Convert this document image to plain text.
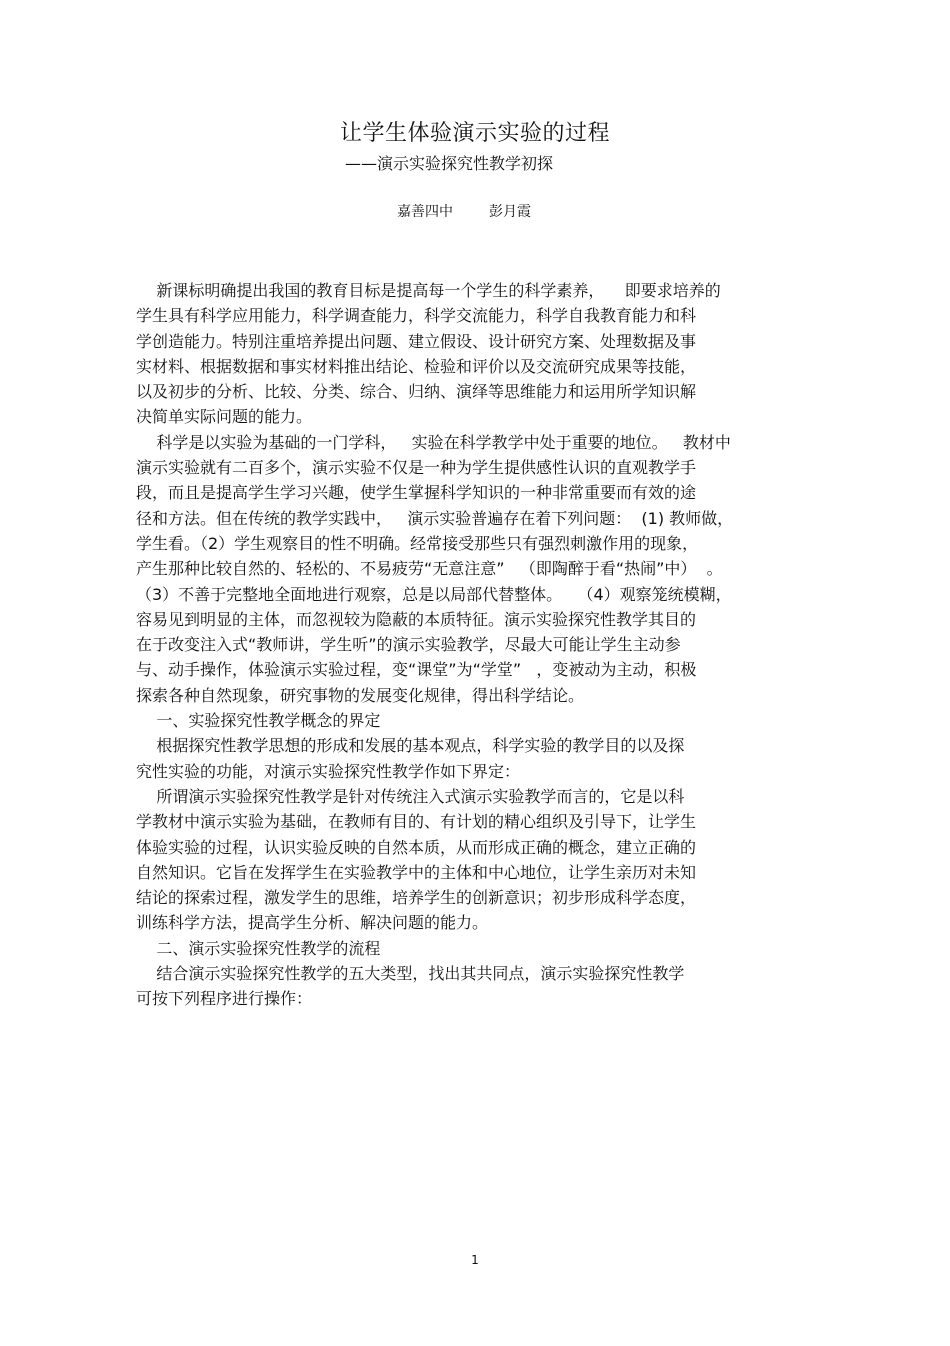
让学生体验演示实验的过程
——演示实验探究性教学初探
嘉善四中	彭月霞
新课标明确提出我国的教育目标是提高每一个学生的科学素养，    即要求培养的
学生具有科学应用能力，科学调查能力，科学交流能力，科学自我教育能力和科
学创造能力。特别注重培养提出问题、建立假设、设计研究方案、处理数据及事
实材料、根据数据和事实材料推出结论、检验和评价以及交流研究成果等技能，
以及初步的分析、比较、分类、综合、归纳、演绎等思维能力和运用所学知识解
决简单实际问题的能力。
科学是以实验为基础的一门学科，   实验在科学教学中处于重要的地位。   教材中
演示实验就有二百多个，演示实验不仅是一种为学生提供感性认识的直观教学手
段，而且是提高学生学习兴趣，使学生掌握科学知识的一种非常重要而有效的途
径和方法。但在传统的教学实践中，   演示实验普遍存在着下列问题：  (1) 教师做，
学生看。（2）学生观察目的性不明确。经常接受那些只有强烈刺激作用的现象，
产生那种比较自然的、轻松的、不易疲劳“无意注意”   （即陶醉于看“热闹”中）  。
（3）不善于完整地全面地进行观察，总是以局部代替整体。   （4）观察笼统模糊，
容易见到明显的主体，而忽视较为隐蔽的本质特征。演示实验探究性教学其目的
在于改变注入式“教师讲，学生听”的演示实验教学，尽最大可能让学生主动参
与、动手操作，体验演示实验过程，变“课堂”为“学堂”   ，变被动为主动，积极
探索各种自然现象，研究事物的发展变化规律，得出科学结论。
一、实验探究性教学概念的界定
根据探究性教学思想的形成和发展的基本观点，科学实验的教学目的以及探
究性实验的功能，对演示实验探究性教学作如下界定：
所谓演示实验探究性教学是针对传统注入式演示实验教学而言的，它是以科
学教材中演示实验为基础，在教师有目的、有计划的精心组织及引导下，让学生
体验实验的过程，认识实验反映的自然本质，从而形成正确的概念，建立正确的
自然知识。它旨在发挥学生在实验教学中的主体和中心地位，让学生亲历对未知
结论的探索过程，激发学生的思维，培养学生的创新意识；初步形成科学态度，
训练科学方法，提高学生分析、解决问题的能力。
二、演示实验探究性教学的流程
结合演示实验探究性教学的五大类型，找出其共同点，演示实验探究性教学
可按下列程序进行操作：
1
